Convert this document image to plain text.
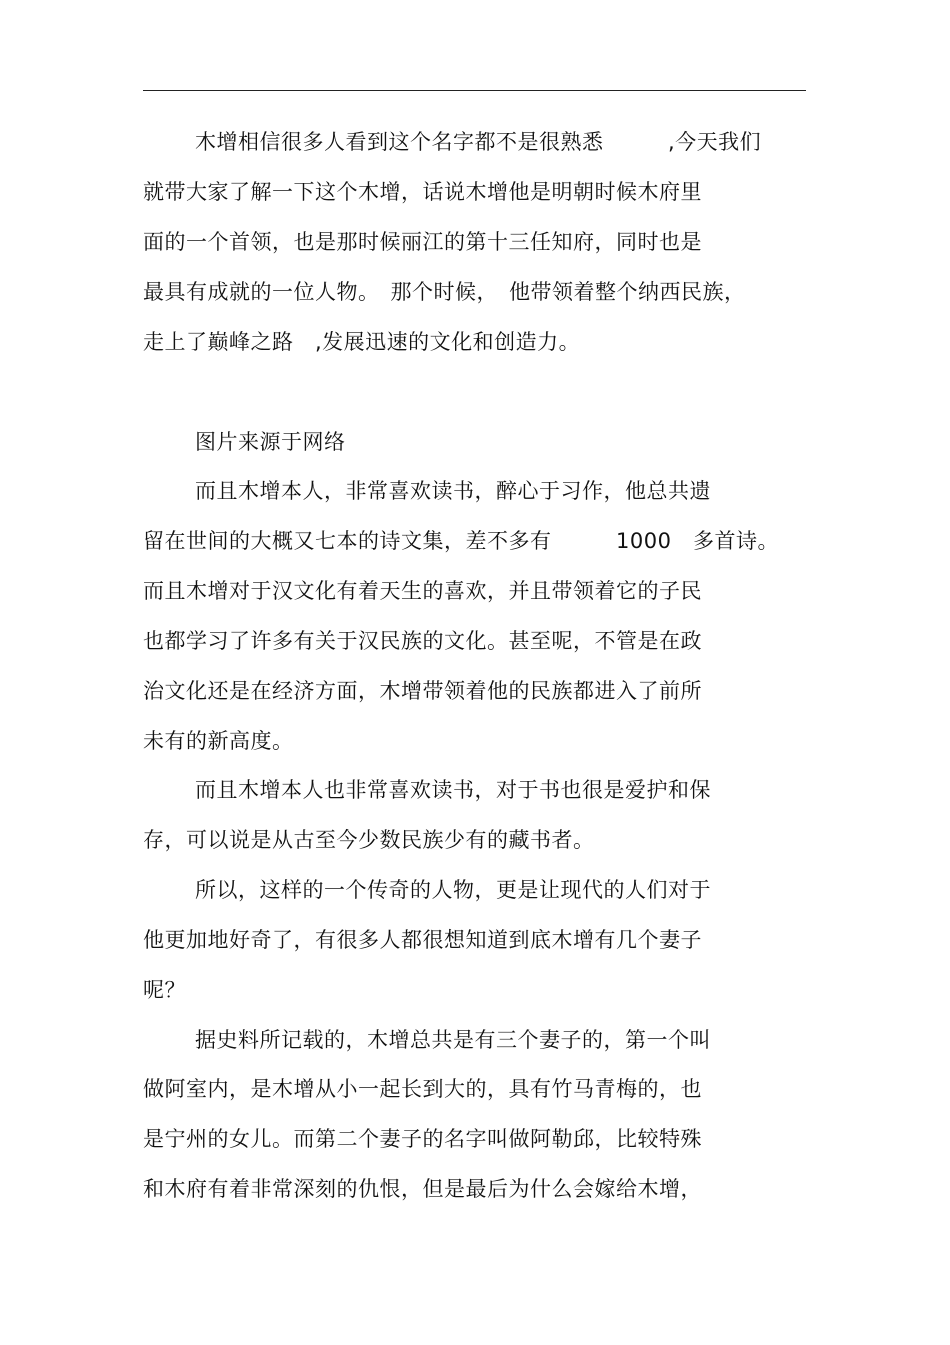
木增相信很多人看到这个名字都不是很熟悉　　　,今天我们
就带大家了解一下这个木增，话说木增他是明朝时候木府里
面的一个首领，也是那时候丽江的第十三任知府，同时也是
最具有成就的一位人物。　那个时候，　他带领着整个纳西民族，
走上了巅峰之路　,发展迅速的文化和创造力。
图片来源于网络
而且木增本人，非常喜欢读书，醉心于习作，他总共遗
留在世间的大概又七本的诗文集，差不多有　　　1000　多首诗。
而且木增对于汉文化有着天生的喜欢，并且带领着它的子民
也都学习了许多有关于汉民族的文化。甚至呢，不管是在政
治文化还是在经济方面，木增带领着他的民族都进入了前所
未有的新高度。
而且木增本人也非常喜欢读书，对于书也很是爱护和保
存，可以说是从古至今少数民族少有的藏书者。
所以，这样的一个传奇的人物，更是让现代的人们对于
他更加地好奇了，有很多人都很想知道到底木增有几个妻子
呢？
据史料所记载的，木增总共是有三个妻子的，第一个叫
做阿室内，是木增从小一起长到大的，具有竹马青梅的，也
是宁州的女儿。而第二个妻子的名字叫做阿勒邱，比较特殊
和木府有着非常深刻的仇恨，但是最后为什么会嫁给木增，
